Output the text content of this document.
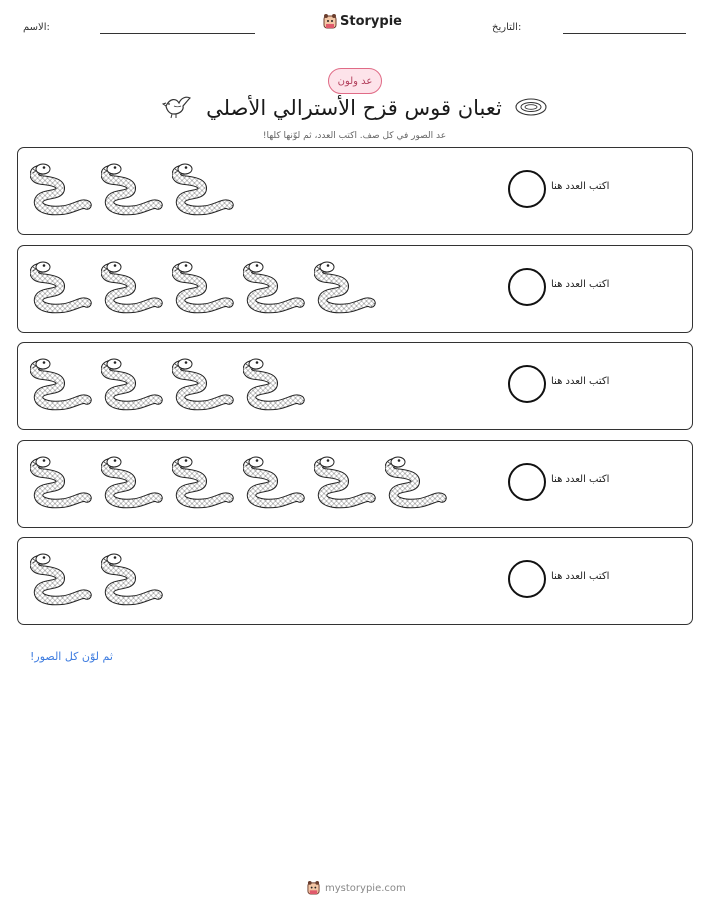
الاسم:	Storypie	التاريخ:
عد ولون
ثعبان قوس قزح الأسترالي الأصلي
عد الصور في كل صف. اكتب العدد، ثم لوّنها كلها!
اكتب العدد هنا
اكتب العدد هنا
اكتب العدد هنا
اكتب العدد هنا
اكتب العدد هنا
ثم لوّن كل الصور!
mystorypie.com
